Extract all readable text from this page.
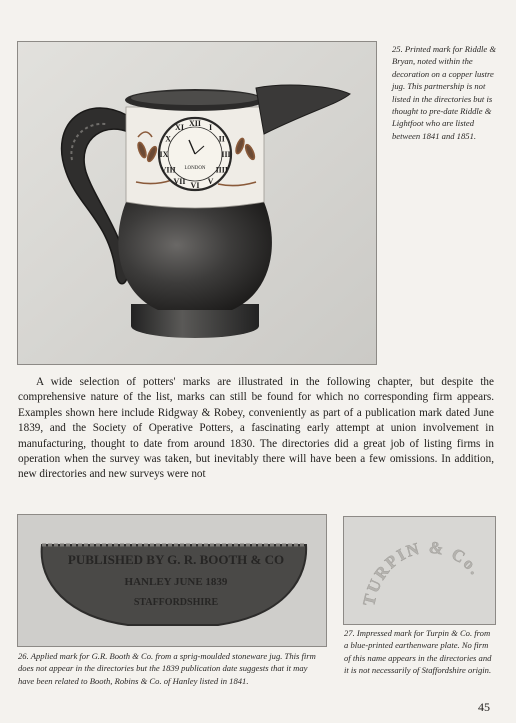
XII I
II
III
IIII
V
VI
VII
VIII
IX
X
XI
LONDON
25. Printed mark for Riddle & Bryan, noted within the decoration on a copper lustre jug. This partnership is not listed in the directories but is thought to pre-date Riddle & Lightfoot who are listed between 1841 and 1851.

A wide selection of potters' marks are illustrated in the following chapter, but despite the comprehensive nature of the list, marks can still be found for which no corresponding firm appears. Examples shown here include Ridgway & Robey, conveniently as part of a publication mark dated June 1839, and the Society of Operative Potters, a fascinating early attempt at union involvement in manufacturing, thought to date from around 1830. The directories did a great job of listing firms in operation when the survey was taken, but inevitably there will have been a few omissions. In addition, new directories and new surveys were not

PUBLISHED BY G. R. BOOTH & CO
HANLEY JUNE 1839
STAFFORDSHIRE
26. Applied mark for G.R. Booth & Co. from a sprig-moulded stoneware jug. This firm does not appear in the directories but the 1839 publication date suggests that it may have been related to Booth, Robins & Co. of Hanley listed in 1841.
TURPIN & Co.
27. Impressed mark for Turpin & Co. from a blue-printed earthenware plate. No firm of this name appears in the directories and it is not necessarily of Staffordshire origin.
45
